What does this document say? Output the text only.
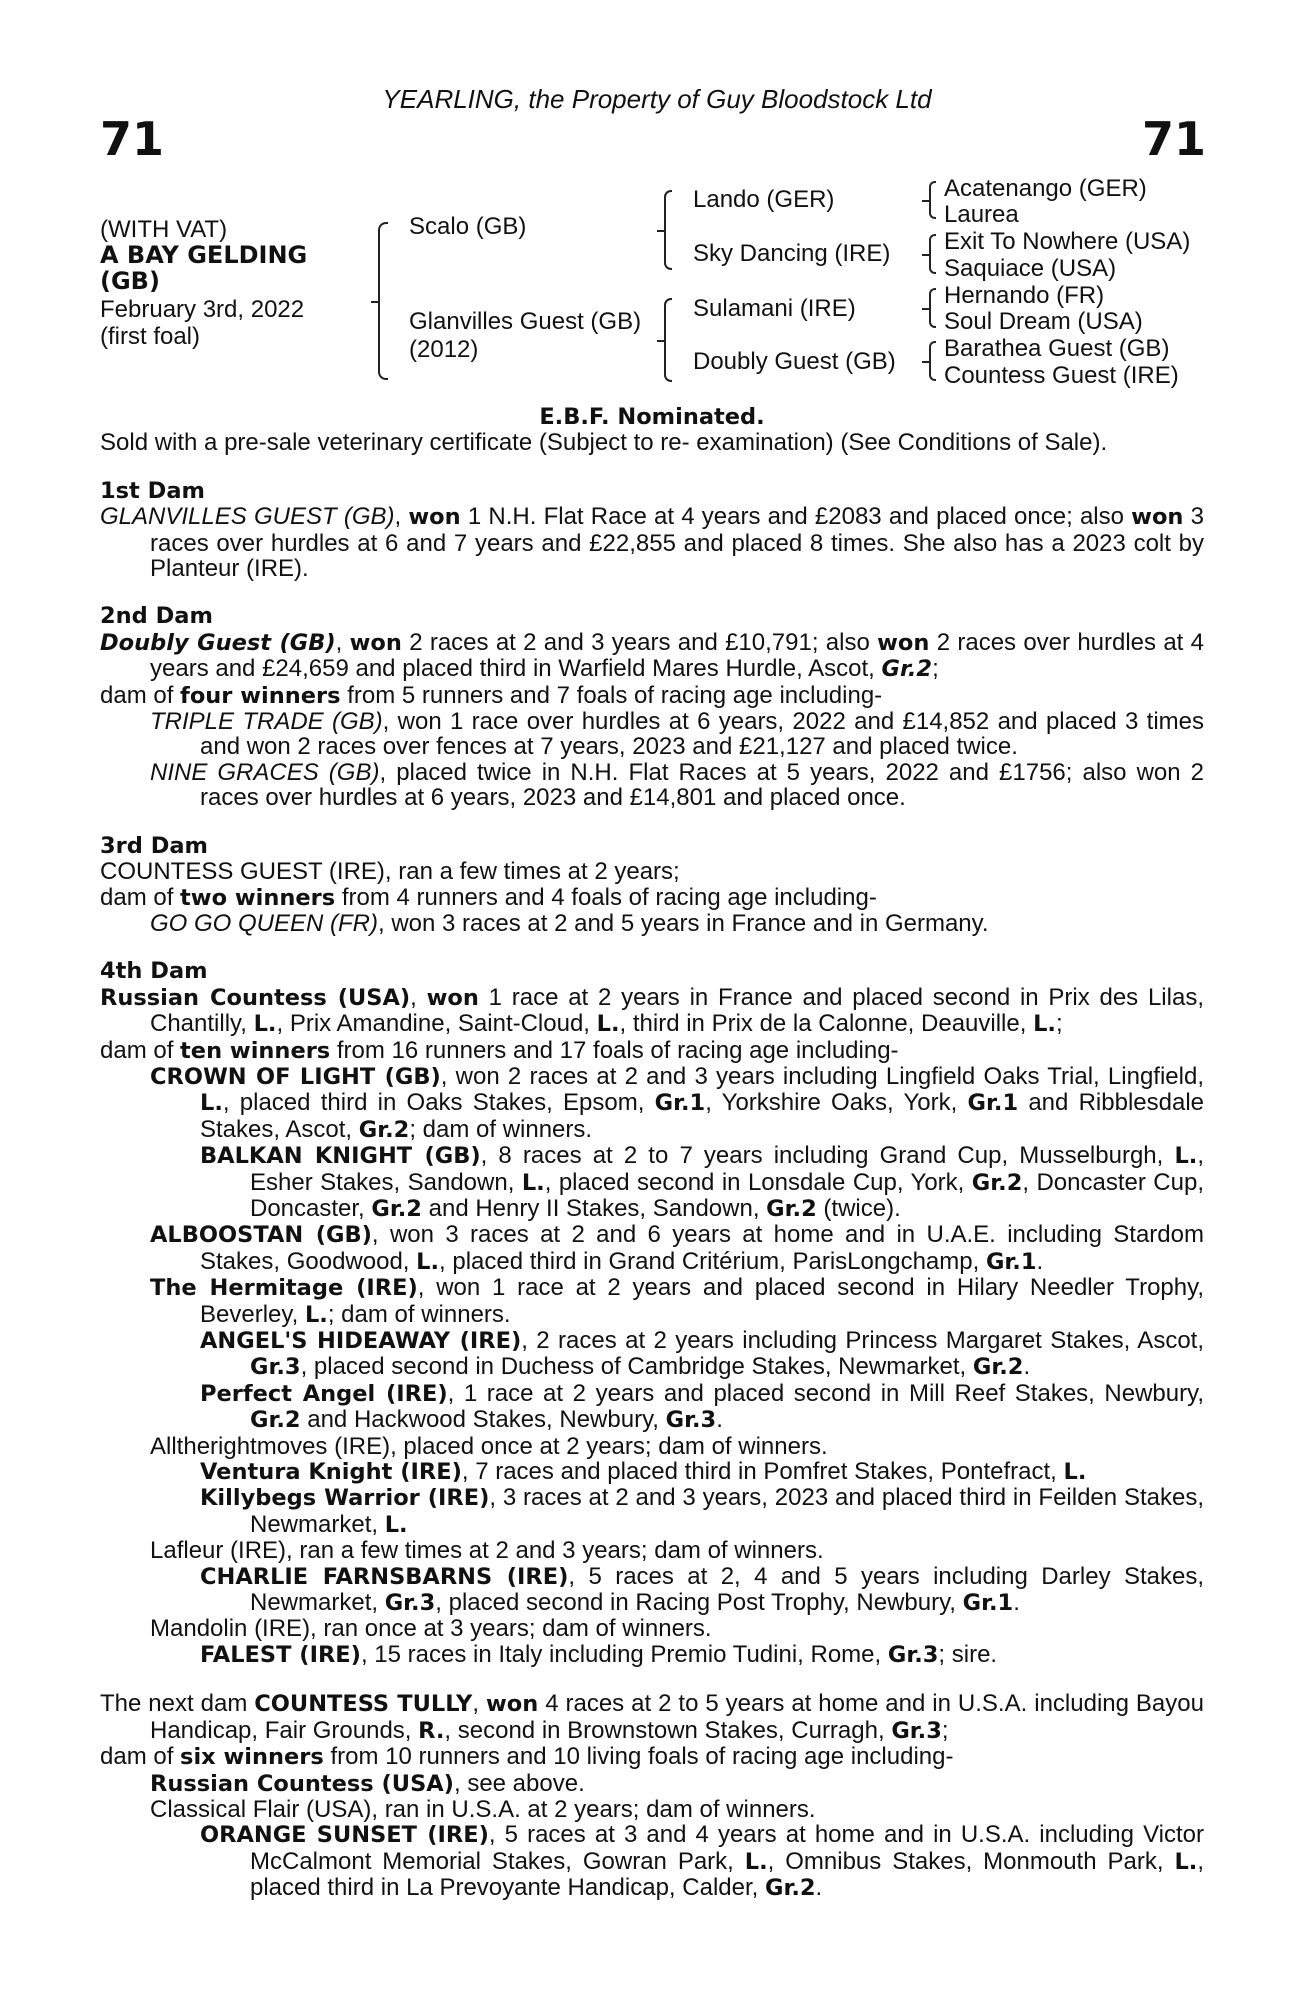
YEARLING, the Property of Guy Bloodstock Ltd
71	71
(WITH VAT)
A BAY GELDING
(GB)
February 3rd, 2022
(first foal)
Scalo (GB)
Glanvilles Guest (GB)
(2012)
Lando (GER)
Sky Dancing (IRE)
Sulamani (IRE)
Doubly Guest (GB)
Acatenango (GER)
Laurea
Exit To Nowhere (USA)
Saquiace (USA)
Hernando (FR)
Soul Dream (USA)
Barathea Guest (GB)
Countess Guest (IRE)
E.B.F. Nominated.
Sold with a pre-sale veterinary certificate (Subject to re- examination) (See Conditions of Sale).
1st Dam
GLANVILLES GUEST (GB), won 1 N.H. Flat Race at 4 years and £2083 and placed once; also won 3 races over hurdles at 6 and 7 years and £22,855 and placed 8 times. She also has a 2023 colt by Planteur (IRE).
2nd Dam
Doubly Guest (GB), won 2 races at 2 and 3 years and £10,791; also won 2 races over hurdles at 4 years and £24,659 and placed third in Warfield Mares Hurdle, Ascot, Gr.2;
dam of four winners from 5 runners and 7 foals of racing age including-
TRIPLE TRADE (GB), won 1 race over hurdles at 6 years, 2022 and £14,852 and placed 3 times and won 2 races over fences at 7 years, 2023 and £21,127 and placed twice.
NINE GRACES (GB), placed twice in N.H. Flat Races at 5 years, 2022 and £1756; also won 2 races over hurdles at 6 years, 2023 and £14,801 and placed once.
3rd Dam
COUNTESS GUEST (IRE), ran a few times at 2 years;
dam of two winners from 4 runners and 4 foals of racing age including-
GO GO QUEEN (FR), won 3 races at 2 and 5 years in France and in Germany.
4th Dam
Russian Countess (USA), won 1 race at 2 years in France and placed second in Prix des Lilas, Chantilly, L., Prix Amandine, Saint-Cloud, L., third in Prix de la Calonne, Deauville, L.;
dam of ten winners from 16 runners and 17 foals of racing age including-
CROWN OF LIGHT (GB), won 2 races at 2 and 3 years including Lingfield Oaks Trial, Lingfield, L., placed third in Oaks Stakes, Epsom, Gr.1, Yorkshire Oaks, York, Gr.1 and Ribblesdale Stakes, Ascot, Gr.2; dam of winners.
BALKAN KNIGHT (GB), 8 races at 2 to 7 years including Grand Cup, Musselburgh, L., Esher Stakes, Sandown, L., placed second in Lonsdale Cup, York, Gr.2, Doncaster Cup, Doncaster, Gr.2 and Henry II Stakes, Sandown, Gr.2 (twice).
ALBOOSTAN (GB), won 3 races at 2 and 6 years at home and in U.A.E. including Stardom Stakes, Goodwood, L., placed third in Grand Critérium, ParisLongchamp, Gr.1.
The Hermitage (IRE), won 1 race at 2 years and placed second in Hilary Needler Trophy, Beverley, L.; dam of winners.
ANGEL'S HIDEAWAY (IRE), 2 races at 2 years including Princess Margaret Stakes, Ascot, Gr.3, placed second in Duchess of Cambridge Stakes, Newmarket, Gr.2.
Perfect Angel (IRE), 1 race at 2 years and placed second in Mill Reef Stakes, Newbury, Gr.2 and Hackwood Stakes, Newbury, Gr.3.
Alltherightmoves (IRE), placed once at 2 years; dam of winners.
Ventura Knight (IRE), 7 races and placed third in Pomfret Stakes, Pontefract, L.
Killybegs Warrior (IRE), 3 races at 2 and 3 years, 2023 and placed third in Feilden Stakes, Newmarket, L.
Lafleur (IRE), ran a few times at 2 and 3 years; dam of winners.
CHARLIE FARNSBARNS (IRE), 5 races at 2, 4 and 5 years including Darley Stakes, Newmarket, Gr.3, placed second in Racing Post Trophy, Newbury, Gr.1.
Mandolin (IRE), ran once at 3 years; dam of winners.
FALEST (IRE), 15 races in Italy including Premio Tudini, Rome, Gr.3; sire.
The next dam COUNTESS TULLY, won 4 races at 2 to 5 years at home and in U.S.A. including Bayou Handicap, Fair Grounds, R., second in Brownstown Stakes, Curragh, Gr.3;
dam of six winners from 10 runners and 10 living foals of racing age including-
Russian Countess (USA), see above.
Classical Flair (USA), ran in U.S.A. at 2 years; dam of winners.
ORANGE SUNSET (IRE), 5 races at 3 and 4 years at home and in U.S.A. including Victor McCalmont Memorial Stakes, Gowran Park, L., Omnibus Stakes, Monmouth Park, L., placed third in La Prevoyante Handicap, Calder, Gr.2.
